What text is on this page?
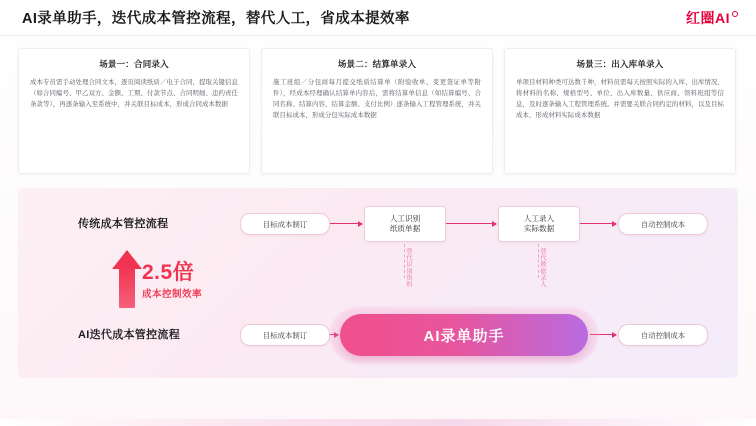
AI录单助手，迭代成本管控流程，替代人工，省成本提效率	红圈AI
场景一：合同录入
成本专员需手动处理合同文本，逐页阅读纸质／电子合同，提取关键信息（如合同编号、甲乙双方、金额、工期、付款节点、合同明细、违约责任条款等），再逐条输入至系统中，并关联目标成本，形成合同成本数据
场景二：结算单录入
施工班组／分包商每月提交纸质结算单（附验收单、变更签证单等附件），经成本经理确认结算单内容后，需将结算单信息（如结算编号、合同名称、结算内容、结算金额、支付比例）逐条输入工程管理系统，并关联目标成本，形成分包实际成本数据
场景三：出入库单录入
单项目材料种类可达数千种，材料员需每天按照实际的入库、出库情况，将材料的名称、规格型号、单位、出入库数量、供应商、领料班组等信息，及时逐条输入工程管理系统。并需要关联合同约定的材料，以及目标成本，形成材料实际成本数据
传统成本管控流程
AI迭代成本管控流程
目标成本制订	自动控制成本
目标成本制订	自动控制成本
人工识别
纸质单据
人工录入
实际数据
替代识别资料	替代数据录入
AI录单助手
2.5倍
成本控制效率
